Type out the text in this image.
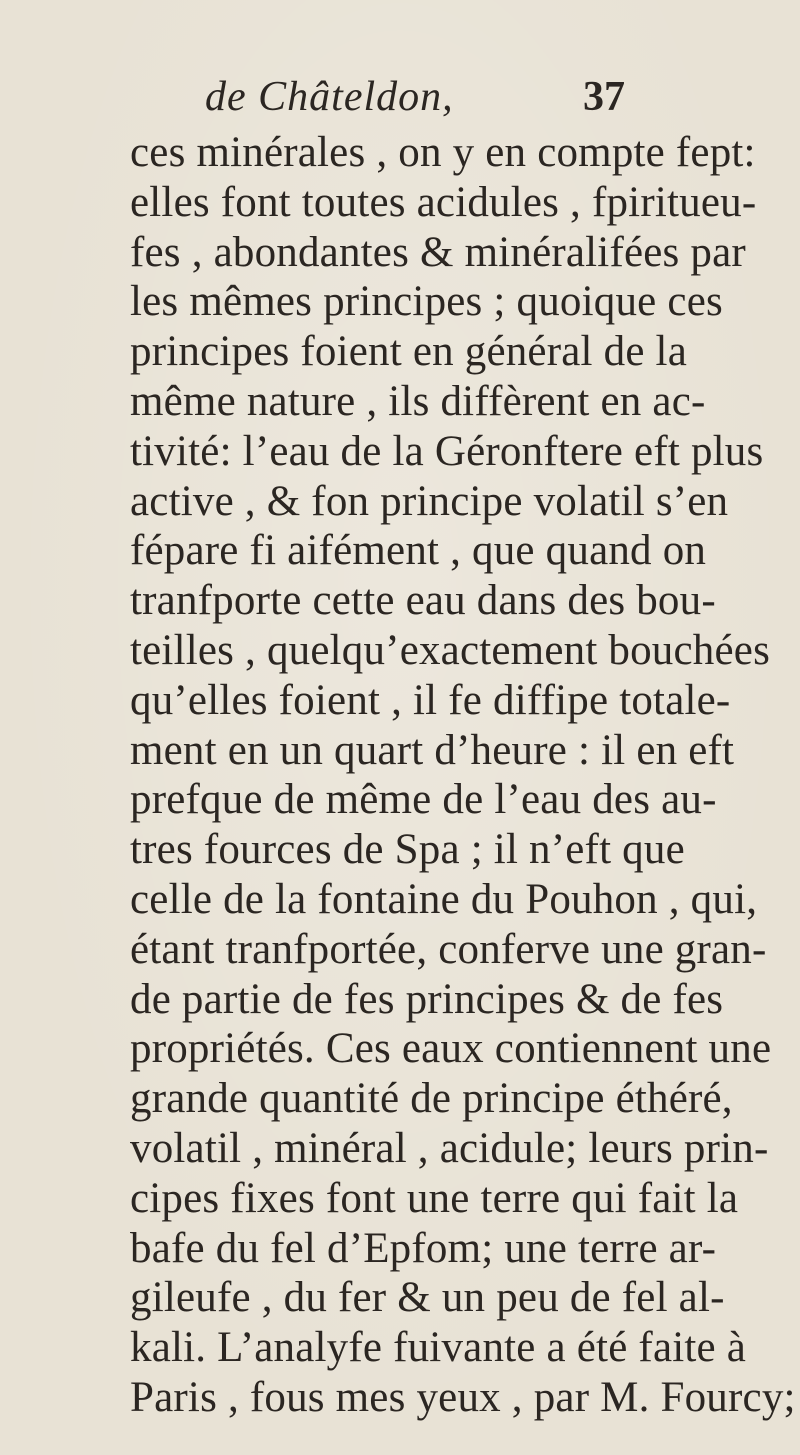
de Châteldon,	37
ces minérales , on y en compte fept:
elles font toutes acidules , fpiritueu-
fes , abondantes & minéralifées par
les mêmes principes ; quoique ces
principes foient en général de la
même nature , ils diffèrent en ac-
tivité: l’eau de la Géronftere eft plus
active , & fon principe volatil s’en
fépare fi aifément , que quand on
tranfporte cette eau dans des bou-
teilles , quelqu’exactement bouchées
qu’elles foient , il fe diffipe totale-
ment en un quart d’heure : il en eft
prefque de même de l’eau des au-
tres fources de Spa ; il n’eft que
celle de la fontaine du Pouhon , qui,
étant tranfportée, conferve une gran-
de partie de fes principes & de fes
propriétés. Ces eaux contiennent une
grande quantité de principe éthéré,
volatil , minéral , acidule; leurs prin-
cipes fixes font une terre qui fait la
bafe du fel d’Epfom; une terre ar-
gileufe , du fer & un peu de fel al-
kali. L’analyfe fuivante a été faite à
Paris , fous mes yeux , par M. Fourcy;
